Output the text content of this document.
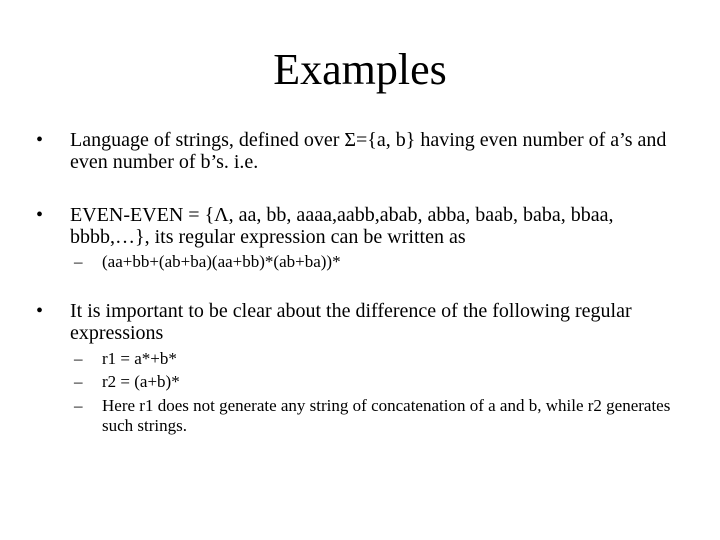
Examples
• Language of strings, defined over Σ={a, b} having even number of a’s and even number of b’s. i.e.
• EVEN-EVEN = {Λ, aa, bb, aaaa,aabb,abab, abba, baab, baba, bbaa, bbbb,…}, its regular expression can be written as
– (aa+bb+(ab+ba)(aa+bb)*(ab+ba))*
• It is important to be clear about the difference of the following regular expressions
– r1 = a*+b*
– r2 = (a+b)*
– Here r1 does not generate any string of concatenation of a and b, while r2 generates such strings.
